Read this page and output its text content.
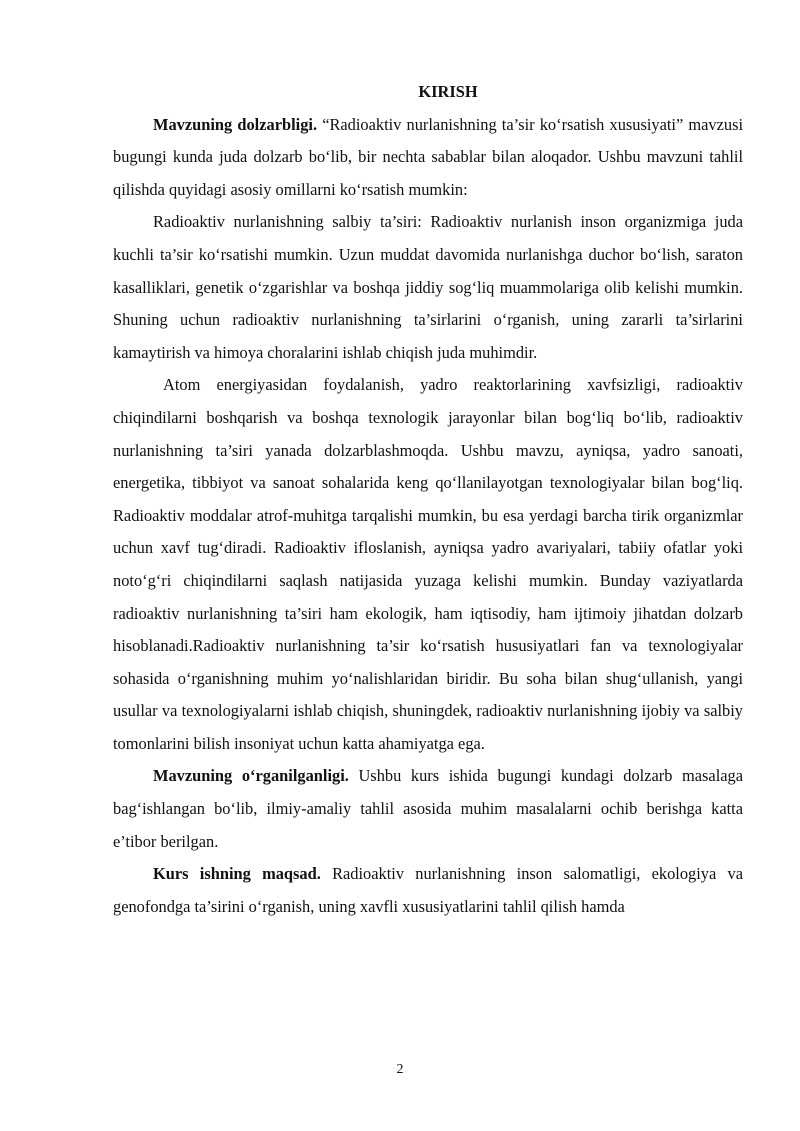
KIRISH

Mavzuning dolzarbligi. “Radioaktiv nurlanishning ta’sir ko‘rsatish xususiyati” mavzusi bugungi kunda juda dolzarb bo‘lib, bir nechta sabablar bilan aloqador. Ushbu mavzuni tahlil qilishda quyidagi asosiy omillarni ko‘rsatish mumkin:

Radioaktiv nurlanishning salbiy ta’siri: Radioaktiv nurlanish inson organizmiga juda kuchli ta’sir ko‘rsatishi mumkin. Uzun muddat davomida nurlanishga duchor bo‘lish, saraton kasalliklari, genetik o‘zgarishlar va boshqa jiddiy sog‘liq muammolariga olib kelishi mumkin. Shuning uchun radioaktiv nurlanishning ta’sirlarini o‘rganish, uning zararli ta’sirlarini kamaytirish va himoya choralarini ishlab chiqish juda muhimdir.

Atom energiyasidan foydalanish, yadro reaktorlarining xavfsizligi, radioaktiv chiqindilarni boshqarish va boshqa texnologik jarayonlar bilan bog‘liq bo‘lib, radioaktiv nurlanishning ta’siri yanada dolzarblashmoqda. Ushbu mavzu, ayniqsa, yadro sanoati, energetika, tibbiyot va sanoat sohalarida keng qo‘llanilayotgan texnologiyalar bilan bog‘liq. Radioaktiv moddalar atrof-muhitga tarqalishi mumkin, bu esa yerdagi barcha tirik organizmlar uchun xavf tug‘diradi. Radioaktiv ifloslanish, ayniqsa yadro avariyalari, tabiiy ofatlar yoki noto‘g‘ri chiqindilarni saqlash natijasida yuzaga kelishi mumkin. Bunday vaziyatlarda radioaktiv nurlanishning ta’siri ham ekologik, ham iqtisodiy, ham ijtimoiy jihatdan dolzarb hisoblanadi.Radioaktiv nurlanishning ta’sir ko‘rsatish hususiyatlari fan va texnologiyalar sohasida o‘rganishning muhim yo‘nalishlaridan biridir. Bu soha bilan shug‘ullanish, yangi usullar va texnologiyalarni ishlab chiqish, shuningdek, radioaktiv nurlanishning ijobiy va salbiy tomonlarini bilish insoniyat uchun katta ahamiyatga ega.

Mavzuning o‘rganilganligi. Ushbu kurs ishida bugungi kundagi dolzarb masalaga bag‘ishlangan bo‘lib, ilmiy-amaliy tahlil asosida muhim masalalarni ochib berishga katta e’tibor berilgan.

Kurs ishning maqsad. Radioaktiv nurlanishning inson salomatligi, ekologiya va genofondga ta’sirini o‘rganish, uning xavfli xususiyatlarini tahlil qilish hamda

2
